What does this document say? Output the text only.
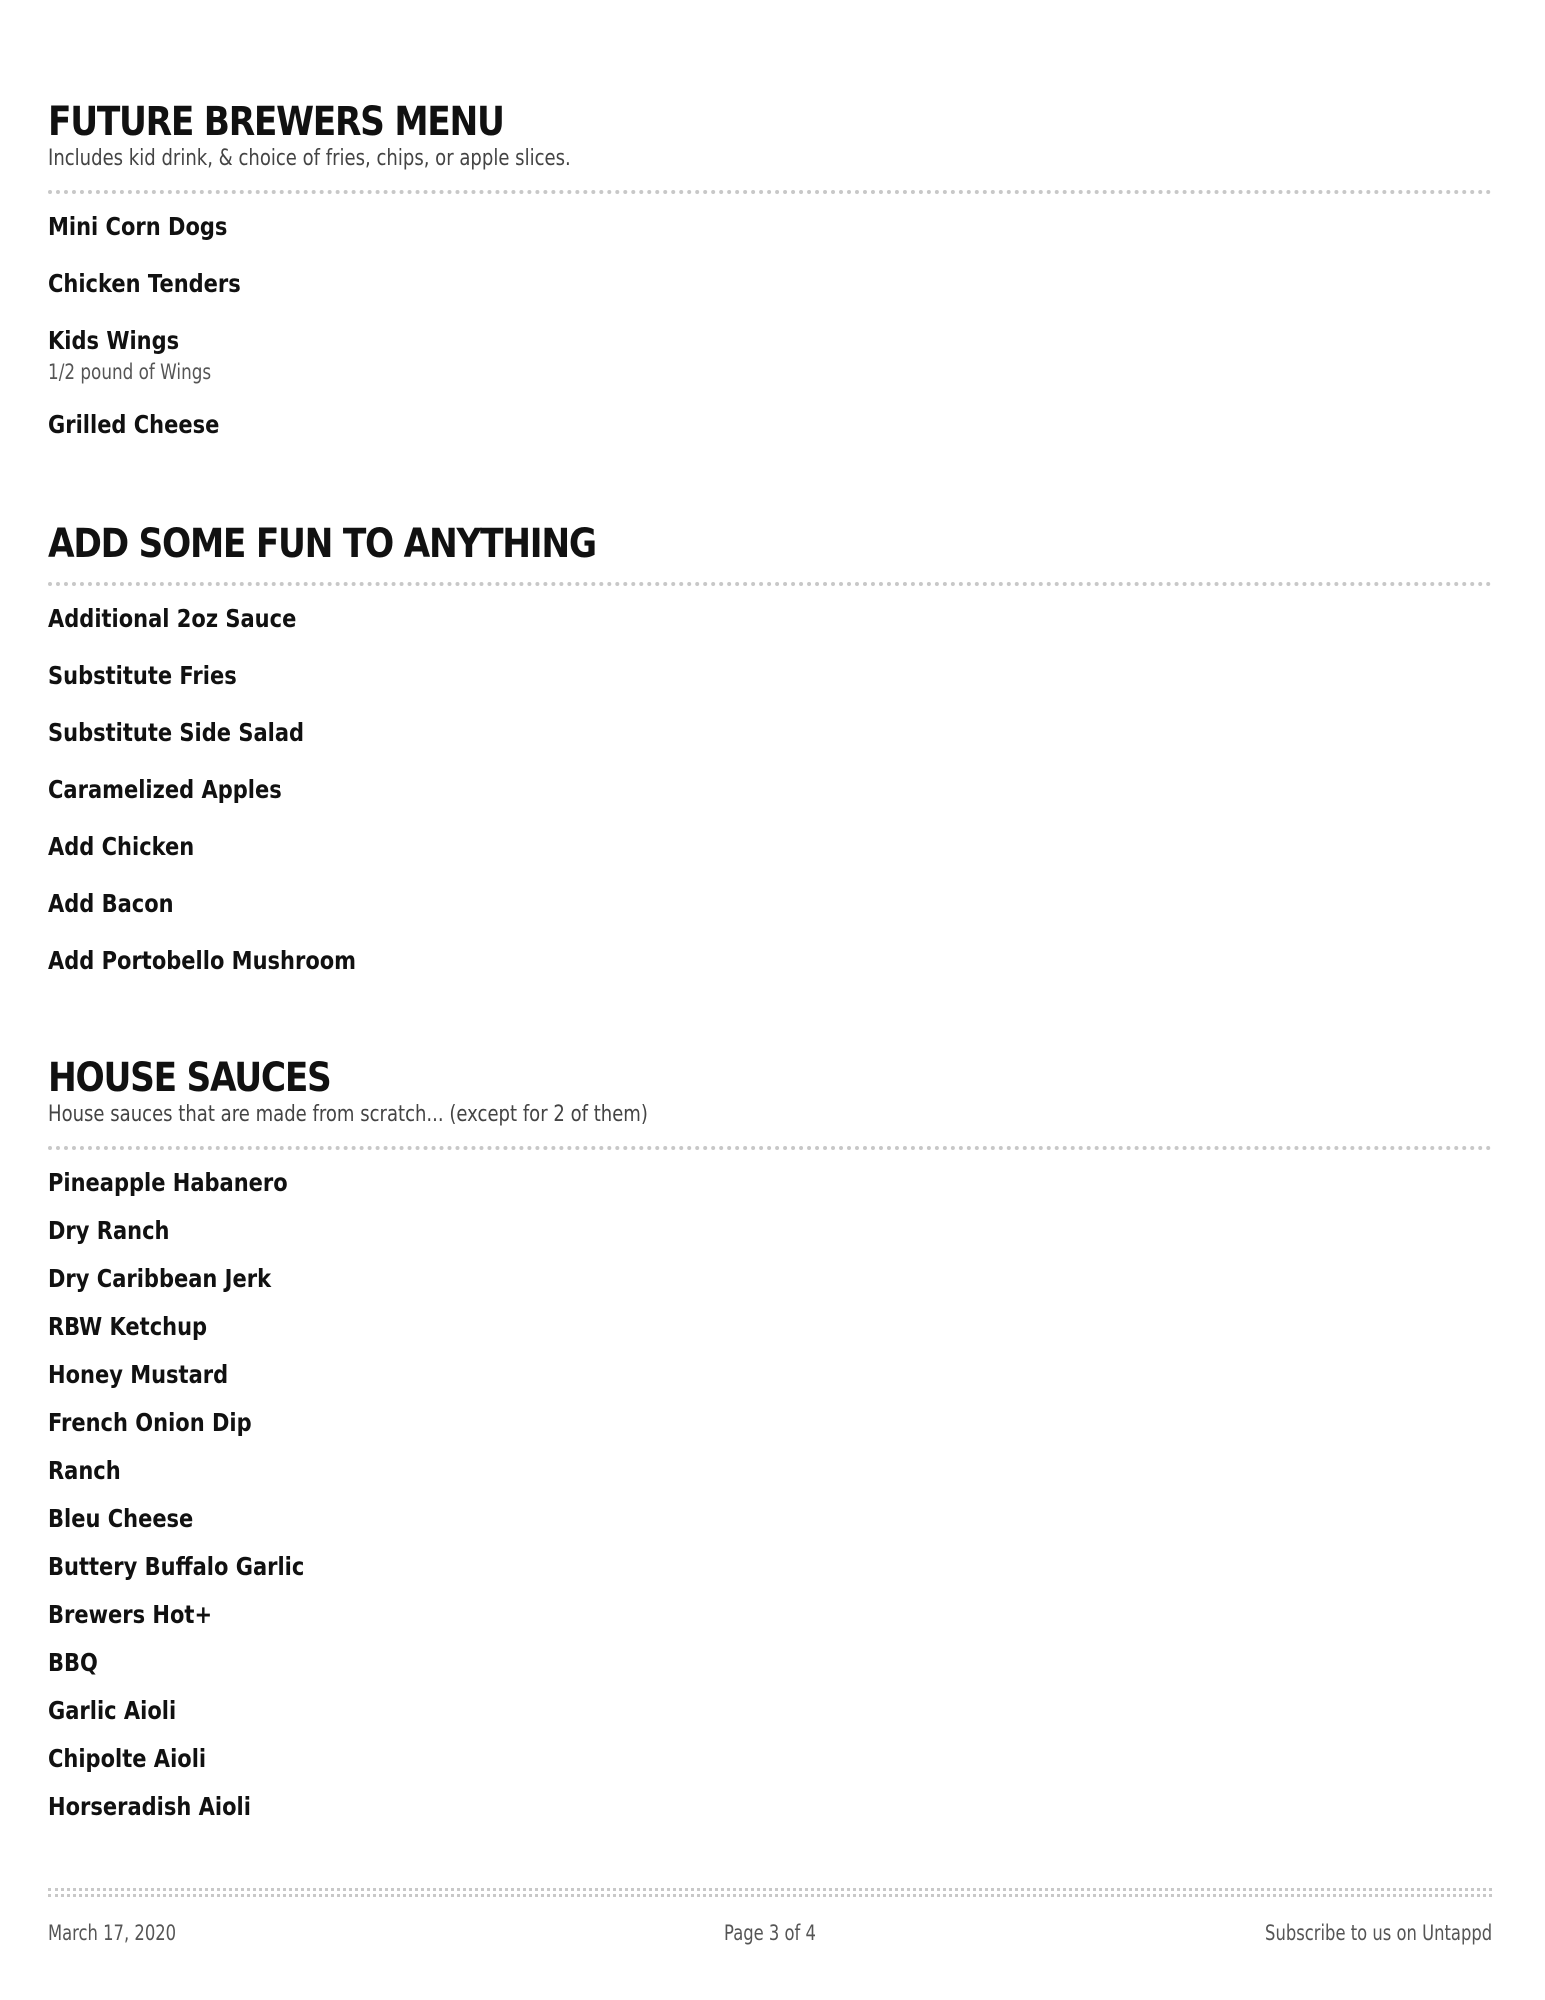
FUTURE BREWERS MENU

Includes kid drink, & choice of fries, chips, or apple slices.

Mini Corn Dogs
Chicken Tenders
Kids Wings
1/2 pound of Wings
Grilled Cheese
ADD SOME FUN TO ANYTHING
Additional 2oz Sauce
Substitute Fries
Substitute Side Salad
Caramelized Apples
Add Chicken
Add Bacon
Add Portobello Mushroom
HOUSE SAUCES

House sauces that are made from scratch... (except for 2 of them)

Pineapple Habanero
Dry Ranch
Dry Caribbean Jerk
RBW Ketchup
Honey Mustard
French Onion Dip
Ranch
Bleu Cheese
Buttery Buffalo Garlic
Brewers Hot+
BBQ
Garlic Aioli
Chipolte Aioli
Horseradish Aioli
March 17, 2020	Page 3 of 4	Subscribe to us on Untappd
